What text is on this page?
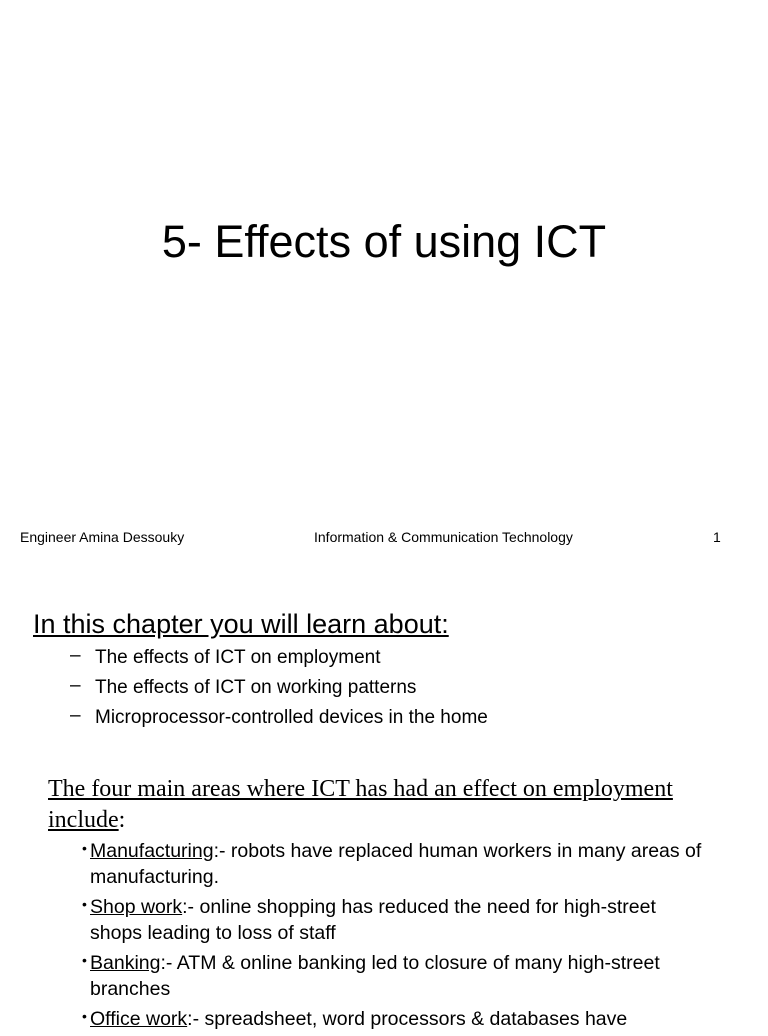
5- Effects of using ICT
Engineer Amina Dessouky	Information & Communication Technology	1
In this chapter you will learn about:
– The effects of ICT on employment
– The effects of ICT on working patterns
– Microprocessor-controlled devices in the home
The four main areas where ICT has had an effect on employment include:
• Manufacturing:- robots have replaced human workers in many areas of manufacturing.
• Shop work:- online shopping has reduced the need for high-street shops leading to loss of staff
• Banking:- ATM & online banking led to closure of many high-street branches
• Office work:- spreadsheet, word processors & databases have
